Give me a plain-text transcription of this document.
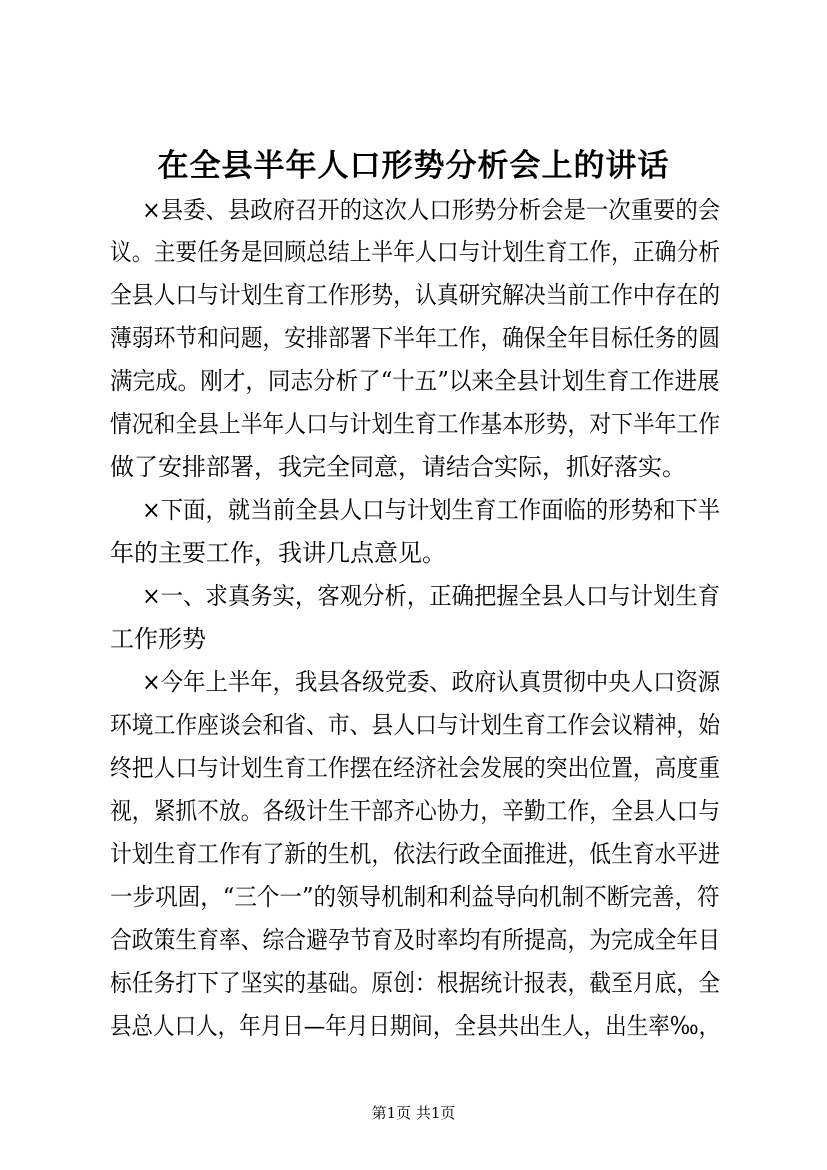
在全县半年人口形势分析会上的讲话
×县委、县政府召开的这次人口形势分析会是一次重要的会
议。主要任务是回顾总结上半年人口与计划生育工作，正确分析
全县人口与计划生育工作形势，认真研究解决当前工作中存在的
薄弱环节和问题，安排部署下半年工作，确保全年目标任务的圆
满完成。刚才，同志分析了“十五”以来全县计划生育工作进展
情况和全县上半年人口与计划生育工作基本形势，对下半年工作
做了安排部署，我完全同意，请结合实际，抓好落实。
×下面，就当前全县人口与计划生育工作面临的形势和下半
年的主要工作，我讲几点意见。
×一、求真务实，客观分析，正确把握全县人口与计划生育
工作形势
×今年上半年，我县各级党委、政府认真贯彻中央人口资源
环境工作座谈会和省、市、县人口与计划生育工作会议精神，始
终把人口与计划生育工作摆在经济社会发展的突出位置，高度重
视，紧抓不放。各级计生干部齐心协力，辛勤工作，全县人口与
计划生育工作有了新的生机，依法行政全面推进，低生育水平进
一步巩固，“三个一”的领导机制和利益导向机制不断完善，符
合政策生育率、综合避孕节育及时率均有所提高，为完成全年目
标任务打下了坚实的基础。原创：根据统计报表，截至月底，全
县总人口人，年月日—年月日期间，全县共出生人，出生率‰，
第1页 共1页
